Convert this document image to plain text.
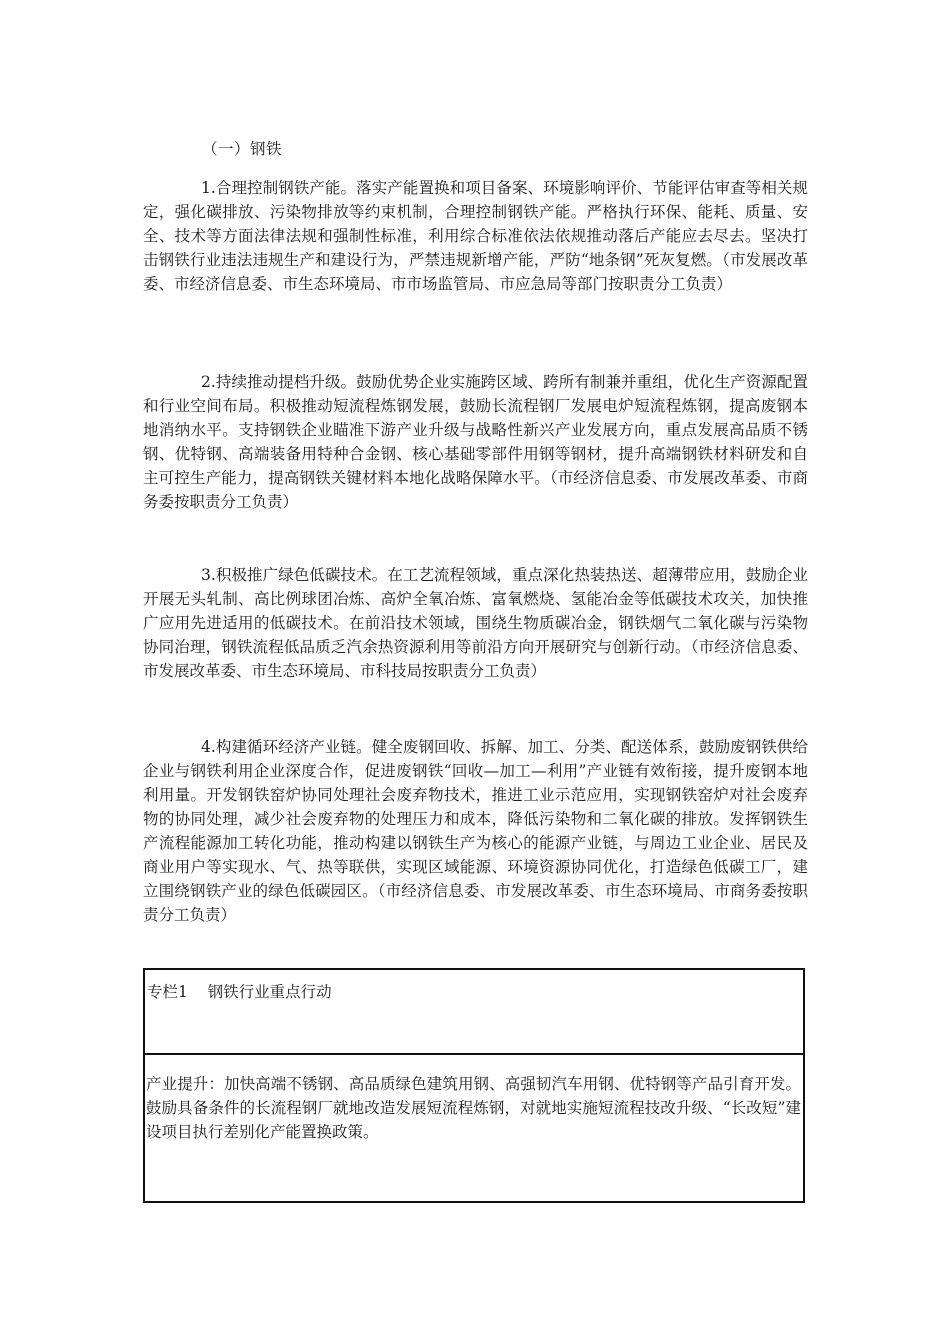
（一）钢铁

1.合理控制钢铁产能。落实产能置换和项目备案、环境影响评价、节能评估审查等相关规定，强化碳排放、污染物排放等约束机制，合理控制钢铁产能。严格执行环保、能耗、质量、安全、技术等方面法律法规和强制性标准，利用综合标准依法依规推动落后产能应去尽去。坚决打击钢铁行业违法违规生产和建设行为，严禁违规新增产能，严防“地条钢”死灰复燃。（市发展改革委、市经济信息委、市生态环境局、市市场监管局、市应急局等部门按职责分工负责）

2.持续推动提档升级。鼓励优势企业实施跨区域、跨所有制兼并重组，优化生产资源配置和行业空间布局。积极推动短流程炼钢发展，鼓励长流程钢厂发展电炉短流程炼钢，提高废钢本地消纳水平。支持钢铁企业瞄准下游产业升级与战略性新兴产业发展方向，重点发展高品质不锈钢、优特钢、高端装备用特种合金钢、核心基础零部件用钢等钢材，提升高端钢铁材料研发和自主可控生产能力，提高钢铁关键材料本地化战略保障水平。（市经济信息委、市发展改革委、市商务委按职责分工负责）

3.积极推广绿色低碳技术。在工艺流程领域，重点深化热装热送、超薄带应用，鼓励企业开展无头轧制、高比例球团冶炼、高炉全氧冶炼、富氧燃烧、氢能冶金等低碳技术攻关，加快推广应用先进适用的低碳技术。在前沿技术领域，围绕生物质碳冶金，钢铁烟气二氧化碳与污染物协同治理，钢铁流程低品质乏汽余热资源利用等前沿方向开展研究与创新行动。（市经济信息委、市发展改革委、市生态环境局、市科技局按职责分工负责）

4.构建循环经济产业链。健全废钢回收、拆解、加工、分类、配送体系，鼓励废钢铁供给企业与钢铁利用企业深度合作，促进废钢铁“回收—加工—利用”产业链有效衔接，提升废钢本地利用量。开发钢铁窑炉协同处理社会废弃物技术，推进工业示范应用，实现钢铁窑炉对社会废弃物的协同处理，减少社会废弃物的处理压力和成本，降低污染物和二氧化碳的排放。发挥钢铁生产流程能源加工转化功能，推动构建以钢铁生产为核心的能源产业链，与周边工业企业、居民及商业用户等实现水、气、热等联供，实现区域能源、环境资源协同优化，打造绿色低碳工厂，建立围绕钢铁产业的绿色低碳园区。（市经济信息委、市发展改革委、市生态环境局、市商务委按职责分工负责）

专栏1    钢铁行业重点行动

产业提升：加快高端不锈钢、高品质绿色建筑用钢、高强韧汽车用钢、优特钢等产品引育开发。鼓励具备条件的长流程钢厂就地改造发展短流程炼钢，对就地实施短流程技改升级、“长改短”建设项目执行差别化产能置换政策。
